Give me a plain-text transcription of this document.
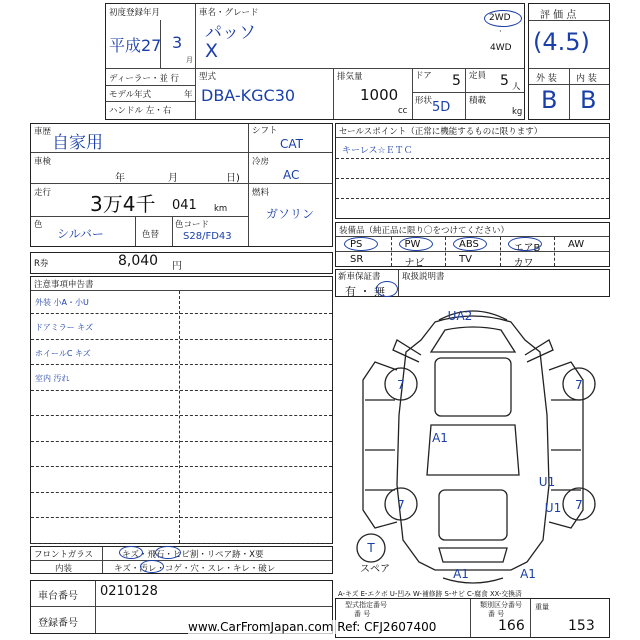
初度登録年月
平成27 3
月
車名・グレード
パッソ
X
2WD
·
4WD
ディーラー・並 行
モデル年式	年
ハンドル 左・右
型式
DBA-KGC30
排気量
1000
cc
ドア 5 定員 5 人
形状 5D 積載
kg
評 価 点
(4.5)
外 装 内 装
B B
車歴
自家用
車検
年	月	日)
走行 3万4千 041 km
色
シルバー	色替
色コード
S28/FD43
シフト
CAT
冷房
AC
燃料
ガソリン
セールスポイント（正常に機能するものに限ります）
キーレス☆ＥＴＣ
装備品（純正品に限り〇をつけてください）
PS	PW	ABS	エアB	AW
SR	ナビ	TV	カワ
新車保証書	取扱説明書
有 ・ 無
R券	8,040 円
注意事項申告書
外装 小A・小U
ドアミラー キズ
ホイールC キズ
室内 汚れ
UA2
7	7
A1
7
U1
7
U1
A1	A1
T
スペア
A-キズ E-エクボ U-凹み W-補修跡 S-サビ C-腐食 XX-交換済
フロントガラス	キズ・飛石・ヒビ割・リペア跡・X要
内装	キズ・汚レ・コゲ・穴・スレ・キレ・破レ
車台番号 0210128
登録番号
型式指定番号
番 号
類別区分番号
番 号
166
重量
153
www.CarFromJapan.com Ref: CFJ2607400
